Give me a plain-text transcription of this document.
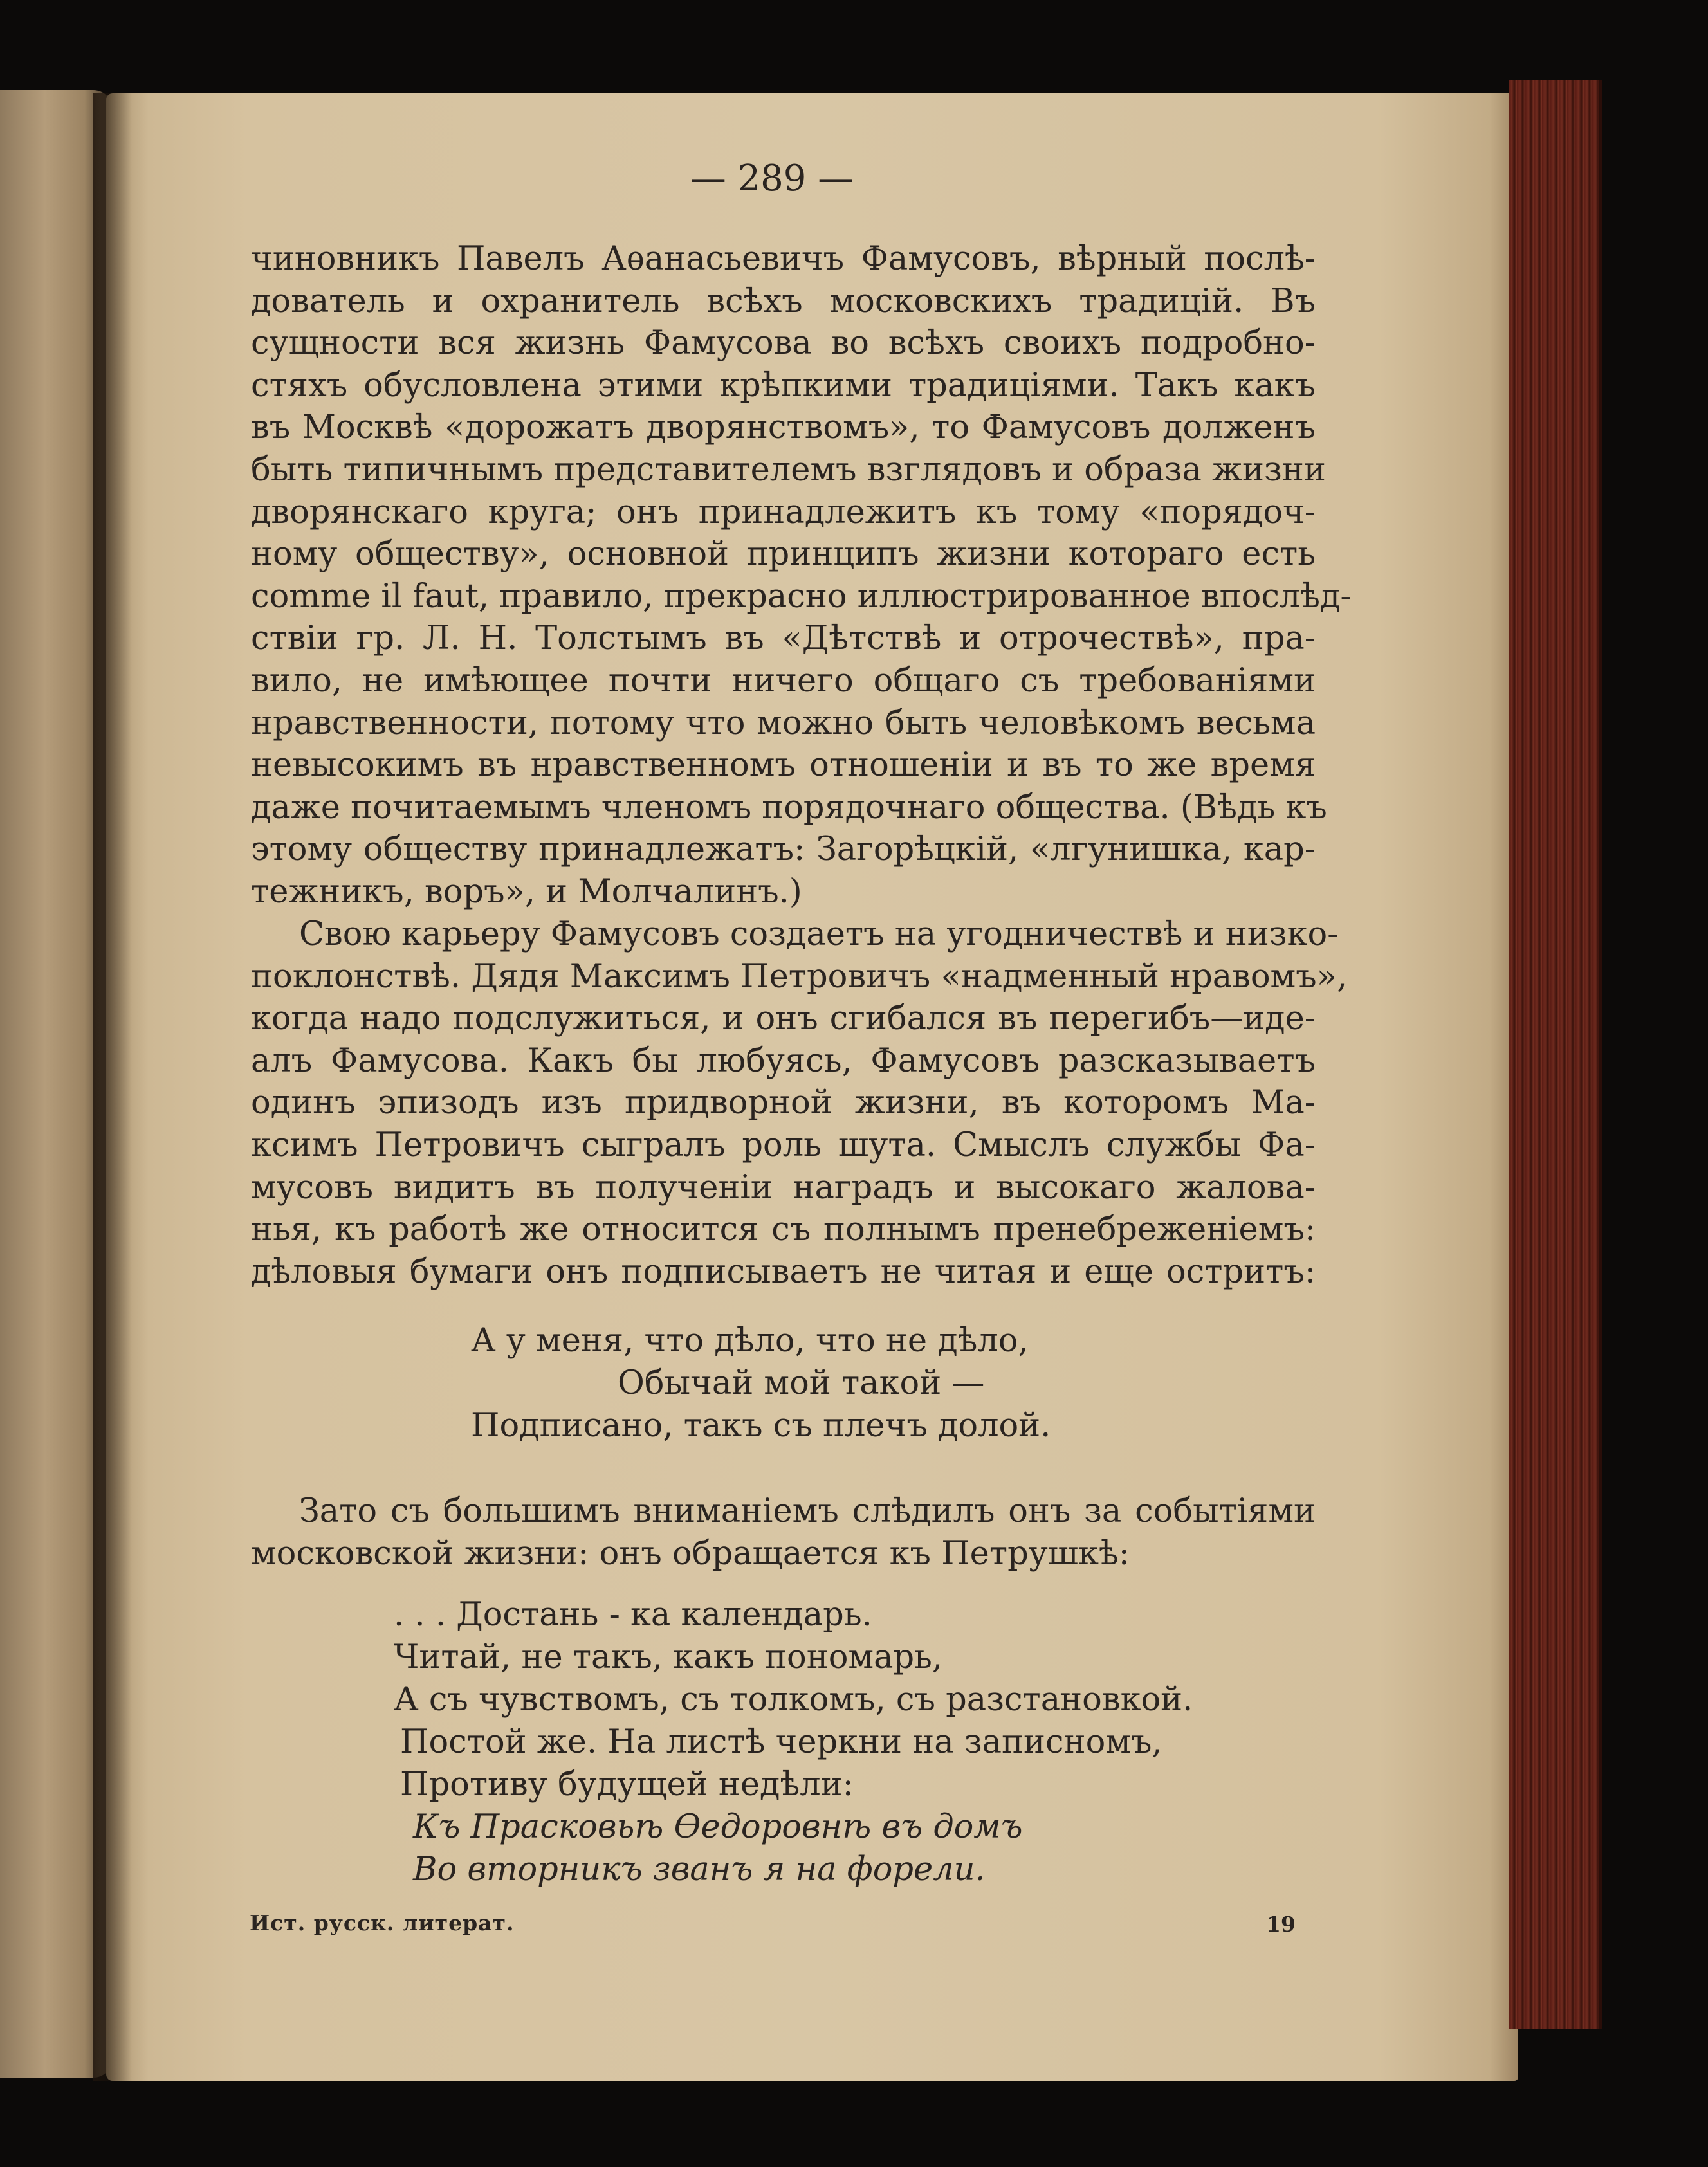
— 289 —
чиновникъ Павелъ Аѳанасьевичъ Фамусовъ, вѣрный послѣ-
дователь и охранитель всѣхъ московскихъ традицій. Въ
сущности вся жизнь Фамусова во всѣхъ своихъ подробно-
стяхъ обусловлена этими крѣпкими традиціями. Такъ какъ
въ Москвѣ «дорожатъ дворянствомъ», то Фамусовъ долженъ
быть типичнымъ представителемъ взглядовъ и образа жизни
дворянскаго круга; онъ принадлежитъ къ тому «порядоч-
ному обществу», основной принципъ жизни котораго есть
comme il faut, правило, прекрасно иллюстрированное впослѣд-
ствіи гр. Л. Н. Толстымъ въ «Дѣтствѣ и отрочествѣ», пра-
вило, не имѣющее почти ничего общаго съ требованіями
нравственности, потому что можно быть человѣкомъ весьма
невысокимъ въ нравственномъ отношеніи и въ то же время
даже почитаемымъ членомъ порядочнаго общества. (Вѣдь къ
этому обществу принадлежатъ: Загорѣцкій, «лгунишка, кар-
тежникъ, воръ», и Молчалинъ.)
Свою карьеру Фамусовъ создаетъ на угодничествѣ и низко-
поклонствѣ. Дядя Максимъ Петровичъ «надменный нравомъ»,
когда надо подслужиться, и онъ сгибался въ перегибъ—иде-
алъ Фамусова. Какъ бы любуясь, Фамусовъ разсказываетъ
одинъ эпизодъ изъ придворной жизни, въ которомъ Ма-
ксимъ Петровичъ сыгралъ роль шута. Смыслъ службы Фа-
мусовъ видитъ въ полученіи наградъ и высокаго жалова-
нья, къ работѣ же относится съ полнымъ пренебреженіемъ:
дѣловыя бумаги онъ подписываетъ не читая и еще остритъ:
А у меня, что дѣло, что не дѣло,
Обычай мой такой —
Подписано, такъ съ плечъ долой.
Зато съ большимъ вниманіемъ слѣдилъ онъ за событіями
московской жизни: онъ обращается къ Петрушкѣ:
. . . Достань - ка календарь.
Читай, не такъ, какъ пономарь,
А съ чувствомъ, съ толкомъ, съ разстановкой.
Постой же. На листѣ черкни на записномъ,
Противу будущей недѣли:
Къ Прасковьѣ Ѳедоровнѣ въ домъ
Во вторникъ званъ я на форели.
Ист. русск. литерат.	19
